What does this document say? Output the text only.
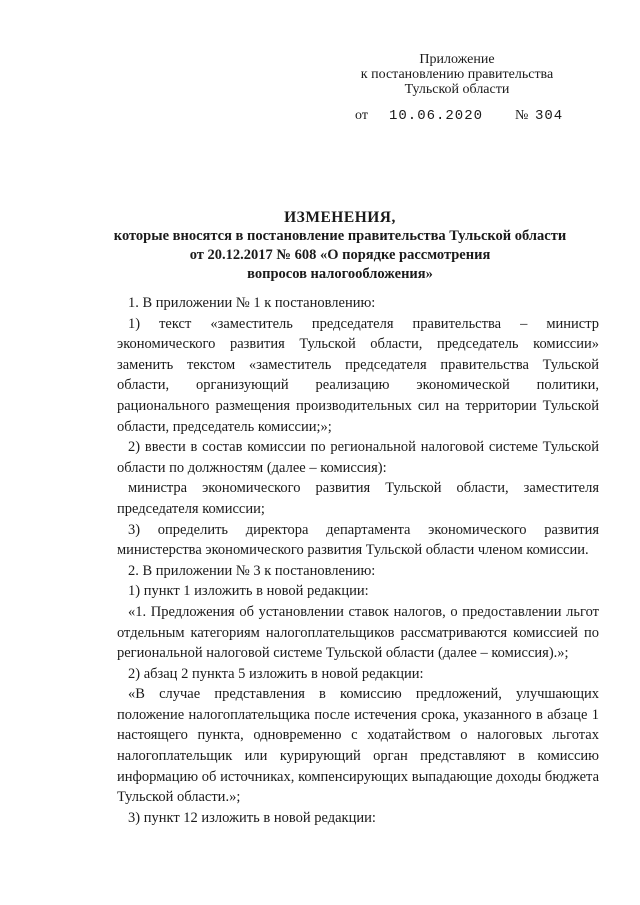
Приложение
к постановлению правительства
Тульской области
от 10.06.2020 № 304
ИЗМЕНЕНИЯ,
которые вносятся в постановление правительства Тульской области
от 20.12.2017 № 608 «О порядке рассмотрения
вопросов налогообложения»

1. В приложении № 1 к постановлению:

1) текст «заместитель председателя правительства – министр экономического развития Тульской области, председатель комиссии» заменить текстом «заместитель председателя правительства Тульской области, организующий реализацию экономической политики, рационального размещения производительных сил на территории Тульской области, председатель комиссии;»;

2) ввести в состав комиссии по региональной налоговой системе Тульской области по должностям (далее – комиссия):

министра экономического развития Тульской области, заместителя председателя комиссии;

3) определить директора департамента экономического развития министерства экономического развития Тульской области членом комиссии.

2. В приложении № 3 к постановлению:

1) пункт 1 изложить в новой редакции:

«1. Предложения об установлении ставок налогов, о предоставлении льгот отдельным категориям налогоплательщиков рассматриваются комиссией по региональной налоговой системе Тульской области (далее – комиссия).»;

2) абзац 2 пункта 5 изложить в новой редакции:

«В случае представления в комиссию предложений, улучшающих положение налогоплательщика после истечения срока, указанного в абзаце 1 настоящего пункта, одновременно с ходатайством о налоговых льготах налогоплательщик или курирующий орган представляют в комиссию информацию об источниках, компенсирующих выпадающие доходы бюджета Тульской области.»;

3) пункт 12 изложить в новой редакции:
